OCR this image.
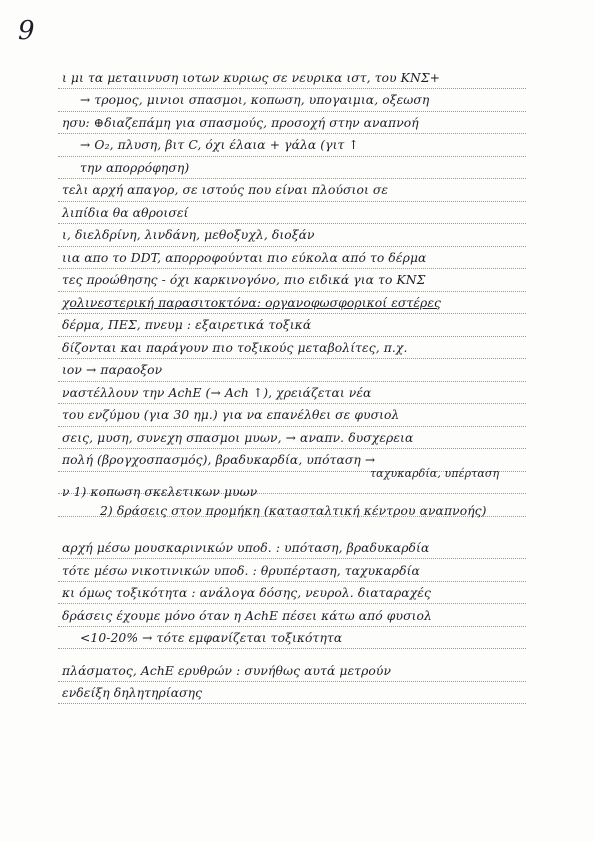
9
ι μι τα μεταιινυση ιοτων κυριως σε νευρικα ιστ, του ΚΝΣ+
→ τρομος, μινιοι σπασμοι, κοπωση, υπογαιμια, οξεωση
ησυ: ⊕διαζεπάμη για σπασμούς, προσοχή στην αναπνοή
→ O₂, πλυση, βιτ C, όχι έλαια + γάλα (γιτ ↑
την απορρόφηση)
τελι αρχή απαγορ, σε ιστούς που είναι πλούσιοι σε
λιπίδια θα αθροισεί
ι, διελδρίνη, λινδάνη, μεθοξυχλ, διοξάν
ιια απο το DDT, απορροφούνται πιο εύκολα από το δέρμα
τες προώθησης - όχι καρκινογόνο, πιο ειδικά για το ΚΝΣ
χολινεστερική παρασιτοκτόνα: οργανοφωσφορικοί εστέρες
δέρμα, ΠΕΣ, πνευμ : εξαιρετικά τοξικά
δίζονται και παράγουν πιο τοξικούς μεταβολίτες, π.χ.
ιον → παραοξον
ναστέλλουν την AchE (→ Ach ↑), χρειάζεται νέα
του ενζύμου (για 30 ημ.) για να επανέλθει σε φυσιολ
σεις, μυση, συνεχη σπασμοι μυων, → αναπν. δυσχερεια
πολή (βρογχοσπασμός), βραδυκαρδία, υπόταση →
ταχυκαρδία, υπέρταση
ν 1) κοπωση σκελετικων μυων
2) δράσεις στον προμήκη (κατασταλτική κέντρου αναπνοής)
αρχή μέσω μουσκαρινικών υποδ. : υπόταση, βραδυκαρδία
τότε μέσω νικοτινικών υποδ. : θρυπέρταση, ταχυκαρδία
κι όμως τοξικότητα : ανάλογα δόσης, νευρολ. διαταραχές
δράσεις έχουμε μόνο όταν η AchE πέσει κάτω από φυσιολ
<10-20% → τότε εμφανίζεται τοξικότητα
πλάσματος, AchE ερυθρών : συνήθως αυτά μετρούν
ενδείξη δηλητηρίασης
